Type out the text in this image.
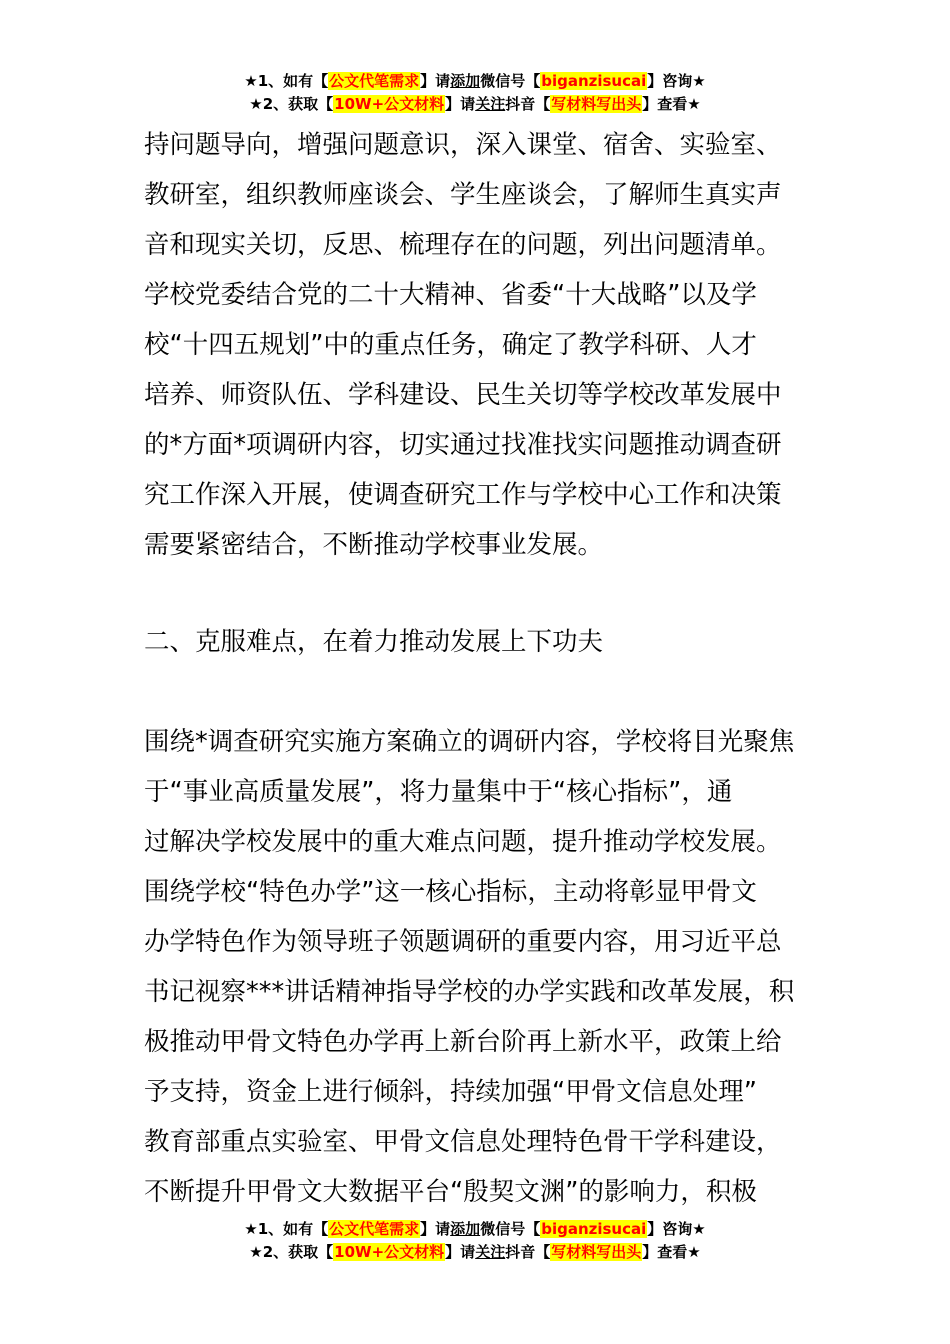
★1、如有【公文代笔需求】请添加微信号【biganzisucai】咨询★
★2、获取【10W+公文材料】请关注抖音【写材料写出头】查看★

持问题导向，增强问题意识，深入课堂、宿舍、实验室、
教研室，组织教师座谈会、学生座谈会，了解师生真实声
音和现实关切，反思、梳理存在的问题，列出问题清单。
学校党委结合党的二十大精神、省委“十大战略”以及学
校“十四五规划”中的重点任务，确定了教学科研、人才
培养、师资队伍、学科建设、民生关切等学校改革发展中
的*方面*项调研内容，切实通过找准找实问题推动调查研
究工作深入开展，使调查研究工作与学校中心工作和决策
需要紧密结合，不断推动学校事业发展。

二、克服难点，在着力推动发展上下功夫

围绕*调查研究实施方案确立的调研内容，学校将目光聚焦
于“事业高质量发展”，将力量集中于“核心指标”，通
过解决学校发展中的重大难点问题，提升推动学校发展。
围绕学校“特色办学”这一核心指标，主动将彰显甲骨文
办学特色作为领导班子领题调研的重要内容，用习近平总
书记视察***讲话精神指导学校的办学实践和改革发展，积
极推动甲骨文特色办学再上新台阶再上新水平，政策上给
予支持，资金上进行倾斜，持续加强“甲骨文信息处理”
教育部重点实验室、甲骨文信息处理特色骨干学科建设，
不断提升甲骨文大数据平台“殷契文渊”的影响力，积极

★1、如有【公文代笔需求】请添加微信号【biganzisucai】咨询★
★2、获取【10W+公文材料】请关注抖音【写材料写出头】查看★
